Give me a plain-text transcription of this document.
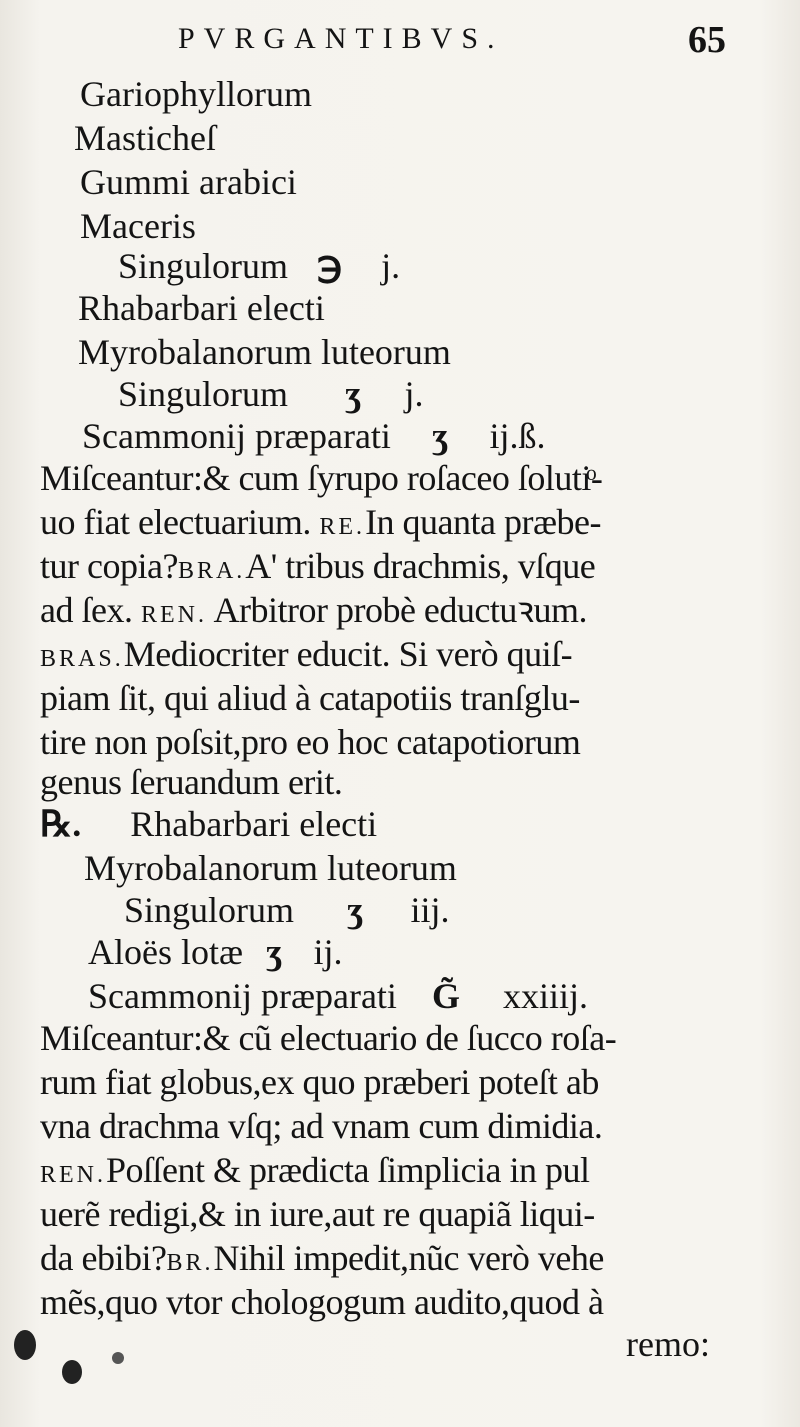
PVRGANTIBVS.	65
Gariophyllorum
Masticheſ
Gummi arabici
Maceris
Singulorum ℈ j.
Rhabarbari electi
Myrobalanorum luteorum
Singulorum ʒ j.
Scammonij præparati ʒ ij.ß.
Miſceantur:& cum ſyrupo roſaceo ſolutiͦ-
uo fiat electuarium. RE.In quanta præbe-
tur copia?BRA.A' tribus drachmis, vſque
ad ſex. REN. Arbitror probè eductuꝛum.
BRAS.Mediocriter educit. Si verò quiſ-
piam ſit, qui aliud à catapotiis tranſglu-
tire non poſsit,pro eo hoc catapotiorum
genus ſeruandum erit.
℞. Rhabarbari electi
Myrobalanorum luteorum
Singulorum ʒ iij.
Aloës lotæ ʒ ij.
Scammonij præparati G̃ xxiiij.
Miſceantur:& cũ electuario de ſucco roſa-
rum fiat globus,ex quo præberi poteſt ab
vna drachma vſq; ad vnam cum dimidia.
REN.Poſſent & prædicta ſimplicia in pul
uerẽ redigi,& in iure,aut re quapiã liqui-
da ebibi?BR.Nihil impedit,nũc verò vehe
mẽs,quo vtor chologogum audito,quod à
remo:
